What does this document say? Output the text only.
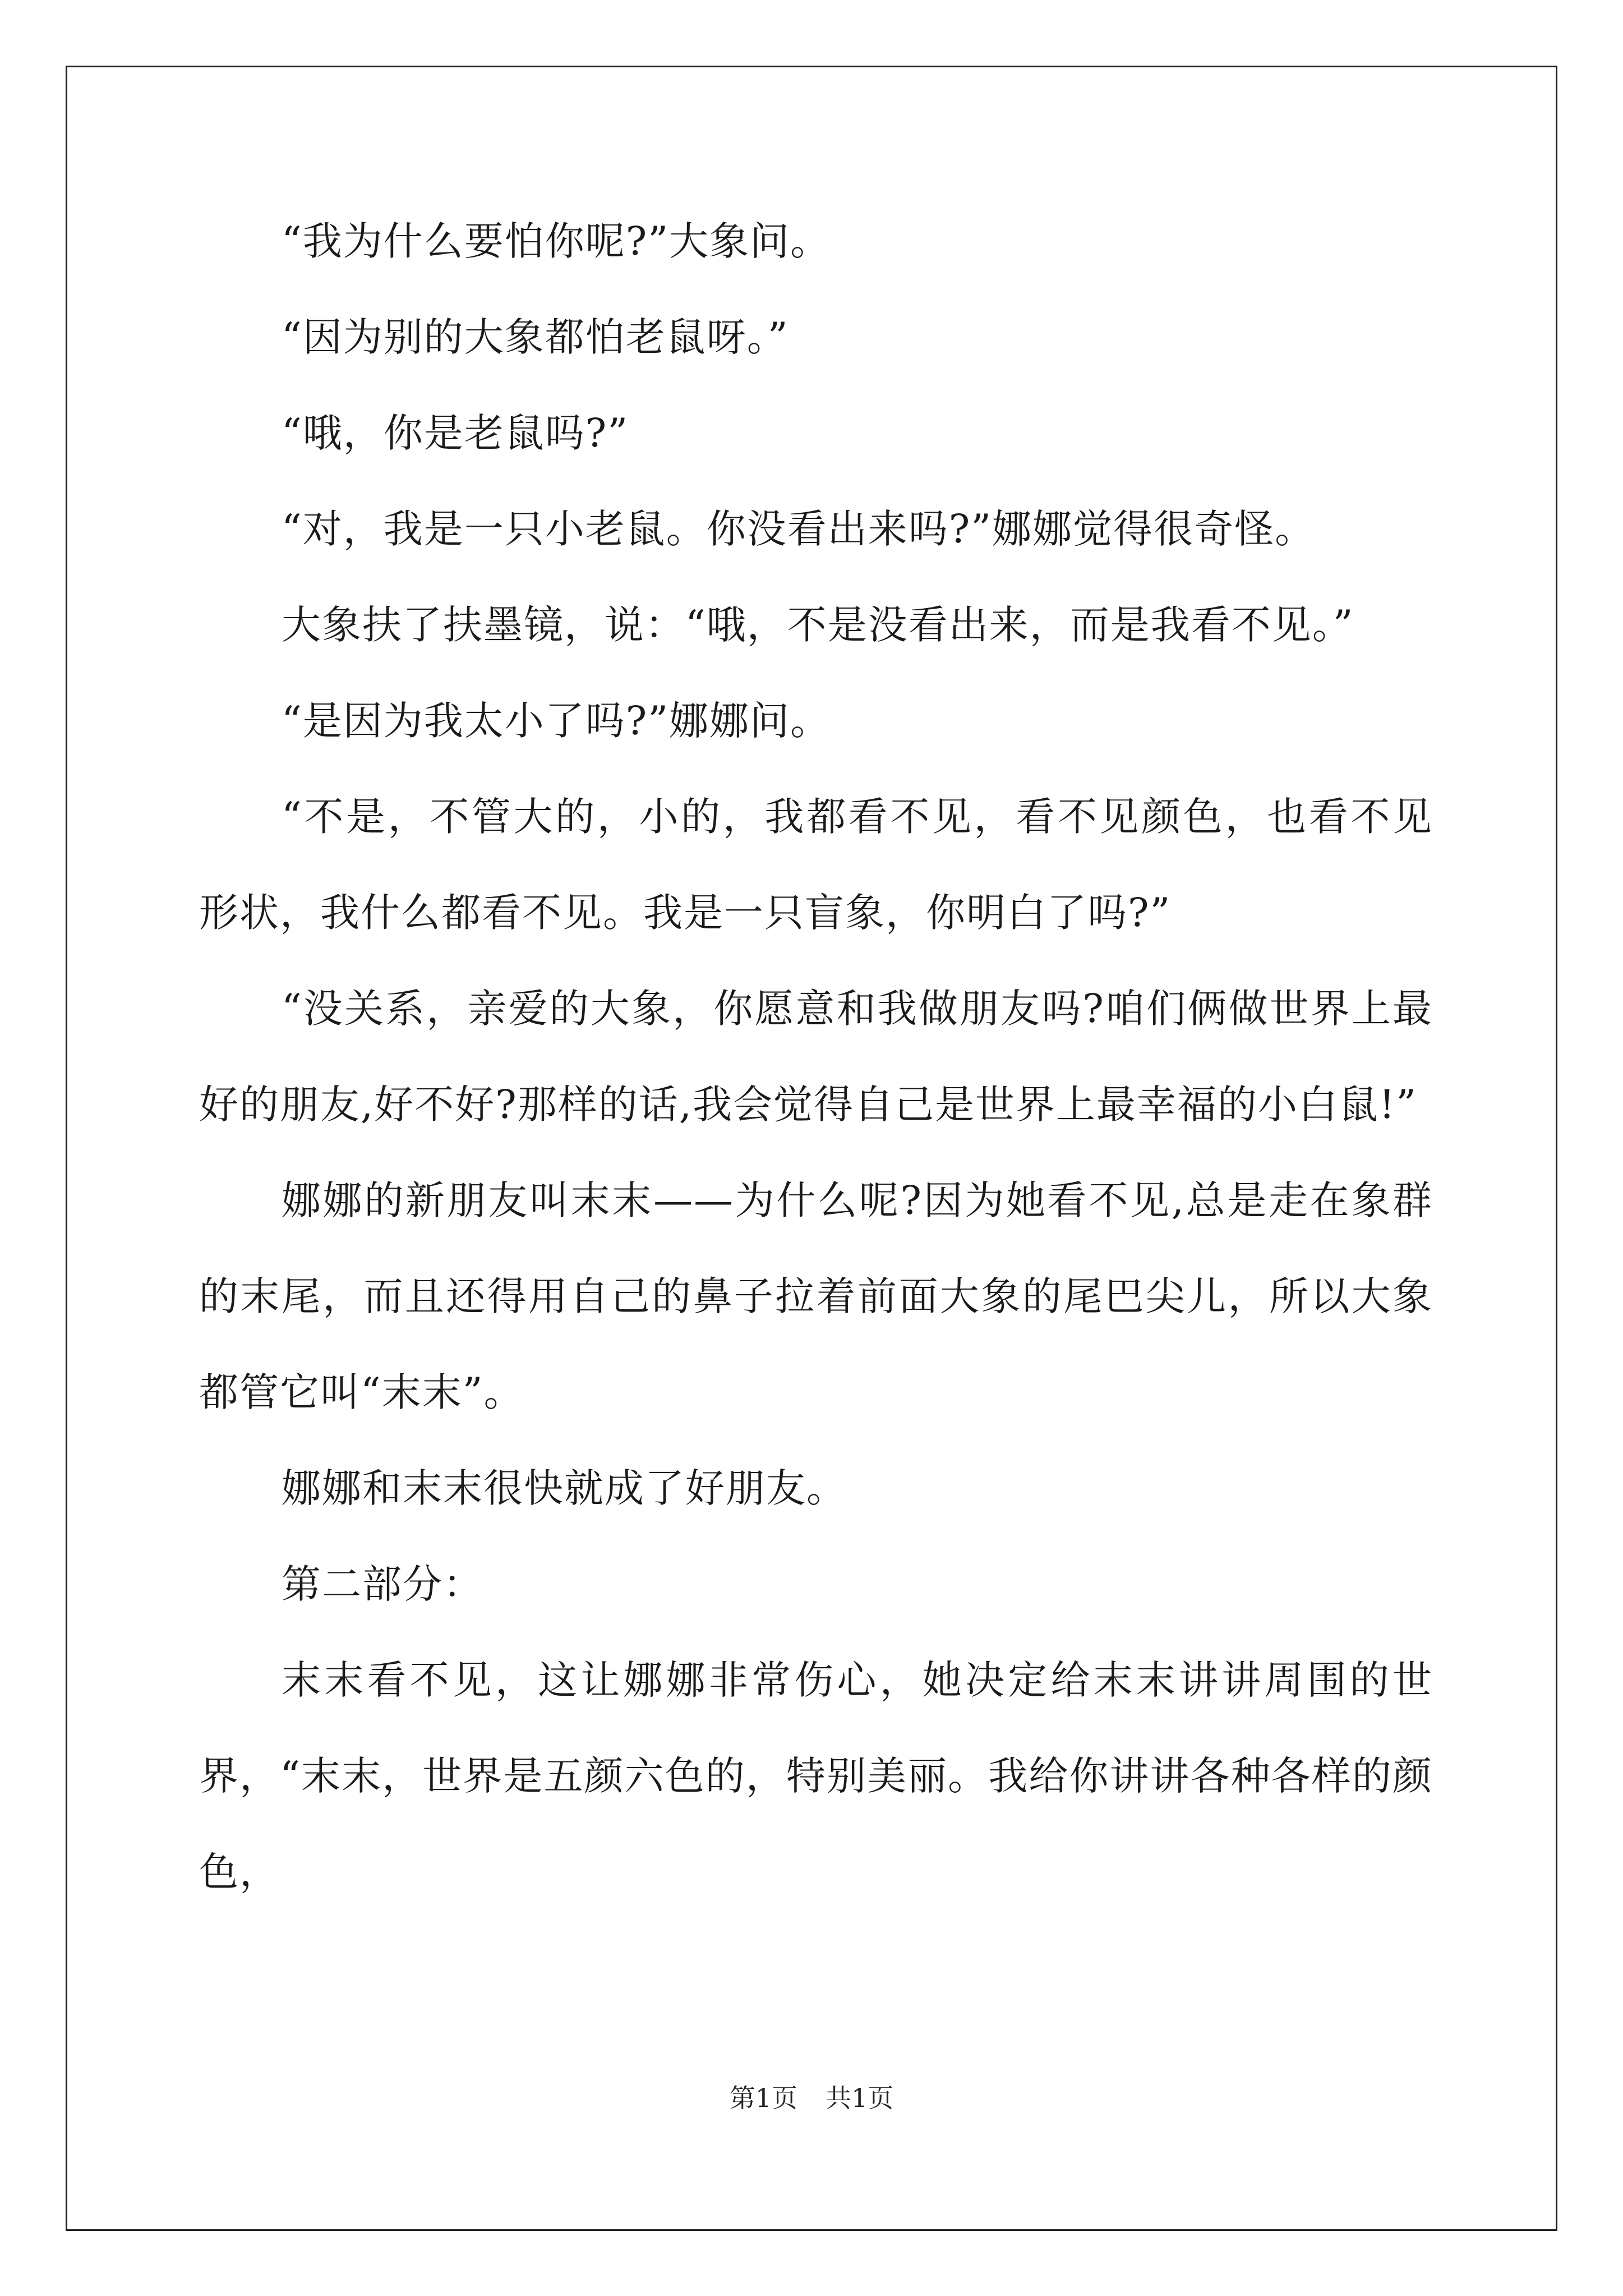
“我为什么要怕你呢?”大象问。

“因为别的大象都怕老鼠呀。”

“哦，你是老鼠吗?”

“对，我是一只小老鼠。你没看出来吗?”娜娜觉得很奇怪。

大象扶了扶墨镜，说：“哦，不是没看出来，而是我看不见。”

“是因为我太小了吗?”娜娜问。

“不是，不管大的，小的，我都看不见，看不见颜色，也看不见形状，我什么都看不见。我是一只盲象，你明白了吗?”

“没关系，亲爱的大象，你愿意和我做朋友吗?咱们俩做世界上最好的朋友,好不好?那样的话,我会觉得自己是世界上最幸福的小白鼠!”

娜娜的新朋友叫末末——为什么呢?因为她看不见,总是走在象群的末尾，而且还得用自己的鼻子拉着前面大象的尾巴尖儿，所以大象都管它叫“末末”。

娜娜和末末很快就成了好朋友。

第二部分：

末末看不见，这让娜娜非常伤心，她决定给末末讲讲周围的世界，“末末，世界是五颜六色的，特别美丽。我给你讲讲各种各样的颜色，

第1页 共1页
